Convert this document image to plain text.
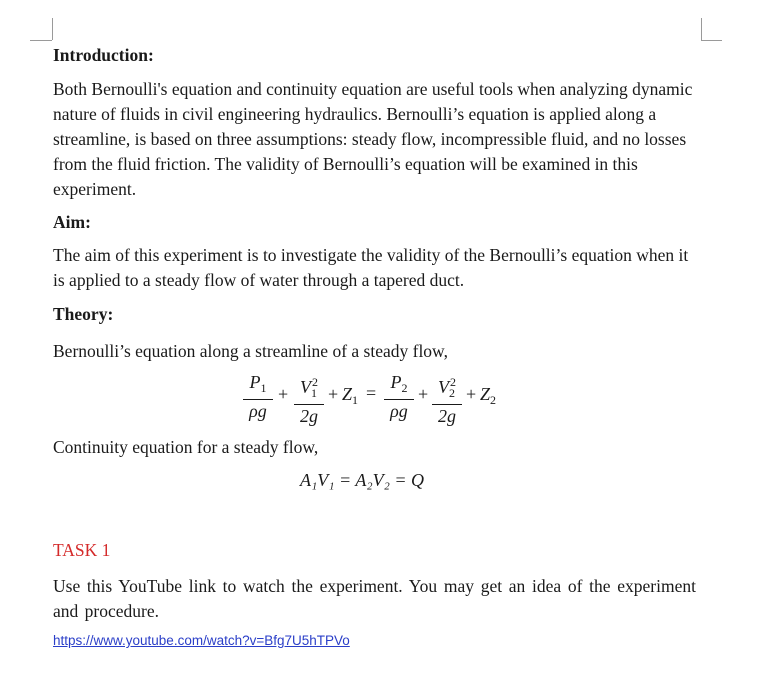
Introduction:
Both Bernoulli's equation and continuity equation are useful tools when analyzing dynamic nature of fluids in civil engineering hydraulics. Bernoulli’s equation is applied along a streamline, is based on three assumptions: steady flow, incompressible fluid, and no losses from the fluid friction. The validity of Bernoulli’s equation will be examined in this experiment.
Aim:
The aim of this experiment is to investigate the validity of the Bernoulli’s equation when it is applied to a steady flow of water through a tapered duct.
Theory:
Bernoulli’s equation along a streamline of a steady flow,
$P_1$
ρg
+ $V_1^2$
2g
+ $Z_1$ =
$P_2$
ρg
+ $V_2^2$
2g
+ $Z_2$
Continuity equation for a steady flow,
A₁V₁ = A₂V₂ = Q
TASK 1
Use this YouTube link to watch the experiment. You may get an idea of the experiment and procedure.
https://www.youtube.com/watch?v=Bfg7U5hTPVo
